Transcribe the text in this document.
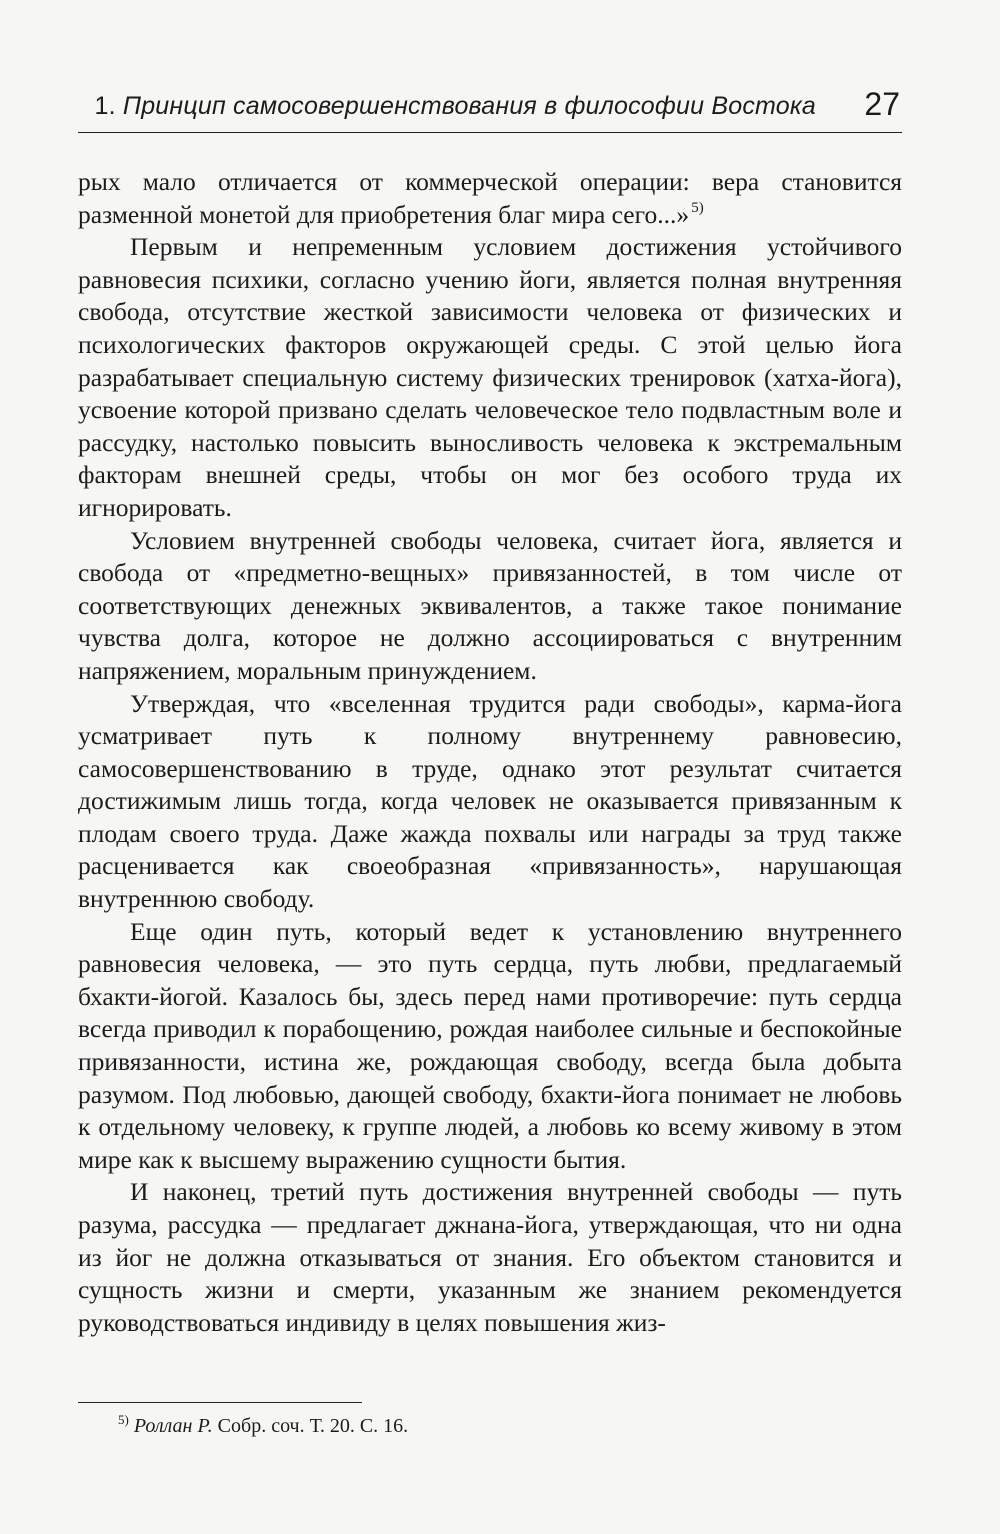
1. Принцип самосовершенствования в философии Востока 27

рых мало отличается от коммерческой операции: вера становится разменной монетой для приобретения благ мира сего...»  $^{5)}$

Первым и непременным условием достижения устойчивого равновесия психики, согласно учению йоги, является полная внутренняя свобода, отсутствие жесткой зависимости человека от физических и психологических факторов окружающей среды. С этой целью йога разрабатывает специальную систему физических тренировок (хатха-йога), усвоение которой призвано сделать человеческое тело подвластным воле и рассудку, настолько повысить выносливость человека к экстремальным факторам внешней среды, чтобы он мог без особого труда их игнорировать.

Условием внутренней свободы человека, считает йога, является и свобода от «предметно-вещных» привязанностей, в том числе от соответствующих денежных эквивалентов, а также такое понимание чувства долга, которое не должно ассоциироваться с внутренним напряжением, моральным принуждением.

Утверждая, что «вселенная трудится ради свободы», карма-йога усматривает путь к полному внутреннему равновесию, самосовершенствованию в труде, однако этот результат считается достижимым лишь тогда, когда человек не оказывается привязанным к плодам своего труда. Даже жажда похвалы или награды за труд также расценивается как своеобразная «привязанность», нарушающая внутреннюю свободу.

Еще один путь, который ведет к установлению внутреннего равновесия человека, — это путь сердца, путь любви, предлагаемый бхакти-йогой. Казалось бы, здесь перед нами противоречие: путь сердца всегда приводил к порабощению, рождая наиболее сильные и беспокойные привязанности, истина же, рождающая свободу, всегда была добыта разумом. Под любовью, дающей свободу, бхакти-йога понимает не любовь к отдельному человеку, к группе людей, а любовь ко всему живому в этом мире как к высшему выражению сущности бытия.

И наконец, третий путь достижения внутренней свободы — путь разума, рассудка — предлагает джнана-йога, утверждающая, что ни одна из йог не должна отказываться от знания. Его объектом становится и сущность жизни и смерти, указанным же знанием рекомендуется руководствоваться индивиду в целях повышения жиз-

$^{5)}$ Роллан Р. Собр. соч. Т. 20. С. 16.
